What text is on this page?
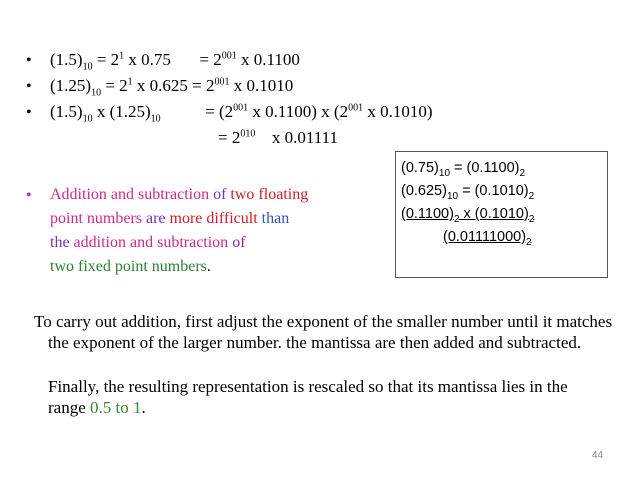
• $(1.5)_{10} = 2^1$ x $0.75 = 2^{001}$ x 0.1100
• $(1.25)_{10} = 2^1$ x $0.625 = 2^{001}$ x 0.1010
• $(1.5)_{10}$ x $(1.25)_{10}$	= ($2^{001}$ x 0.1100) x ($2^{001}$ x 0.1010)
= $2^{010}$ x 0.01111
$(0.75)_{10} = (0.1100)_2$
$(0.625)_{10} = (0.1010)_2$
$(0.1100)_2$ x $(0.1010)_2$
$(0.01111000)_2$
• Addition and subtraction of two floating
point numbers are more difficult than
the addition and subtraction of
two fixed point numbers.
To carry out addition, first adjust the exponent of the smaller number until it matches the exponent of the larger number. the mantissa are then added and subtracted.
Finally, the resulting representation is rescaled so that its mantissa lies in the range 0.5 to 1.
44
